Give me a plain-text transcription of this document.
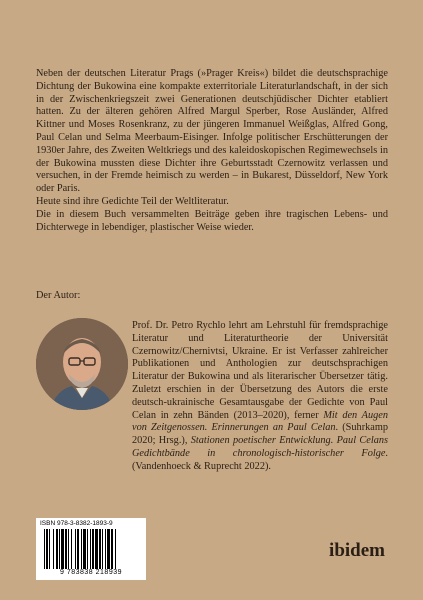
Neben der deutschen Literatur Prags (»Prager Kreis«) bildet die deutschsprachige Dichtung der Bukowina eine kompakte exterritoriale Literaturlandschaft, in der sich in der Zwischenkriegszeit zwei Generationen deutschjüdischer Dichter etabliert hatten. Zu der älteren gehören Alfred Margul Sperber, Rose Ausländer, Alfred Kittner und Moses Rosenkranz, zu der jüngeren Immanuel Weißglas, Alfred Gong, Paul Celan und Selma Meerbaum-Eisinger. Infolge politischer Erschütterungen der 1930er Jahre, des Zweiten Weltkriegs und des kaleidoskopischen Regimewechsels in der Bukowina mussten diese Dichter ihre Geburtsstadt Czernowitz verlassen und versuchen, in der Fremde heimisch zu werden – in Bukarest, Düsseldorf, New York oder Paris.

Heute sind ihre Gedichte Teil der Weltliteratur.

Die in diesem Buch versammelten Beiträge geben ihre tragischen Lebens- und Dichterwege in lebendiger, plastischer Weise wieder.

Der Autor:
Prof. Dr. Petro Rychlo lehrt am Lehrstuhl für fremdsprachige Literatur und Literaturtheorie der Universität Czernowitz/Chernivtsi, Ukraine. Er ist Verfasser zahlreicher Publikationen und Anthologien zur deutschsprachigen Literatur der Bukowina und als literarischer Übersetzer tätig. Zuletzt erschien in der Übersetzung des Autors die erste deutsch-ukrainische Gesamtausgabe der Gedichte von Paul Celan in zehn Bänden (2013–2020), ferner Mit den Augen von Zeitgenossen. Erinnerungen an Paul Celan. (Suhrkamp 2020; Hrsg.), Stationen poetischer Entwicklung. Paul Celans Gedichtbände in chronologisch-historischer Folge. (Vandenhoeck & Ruprecht 2022).
ISBN 978-3-8382-1893-9
9 783838 218939
ibidem
